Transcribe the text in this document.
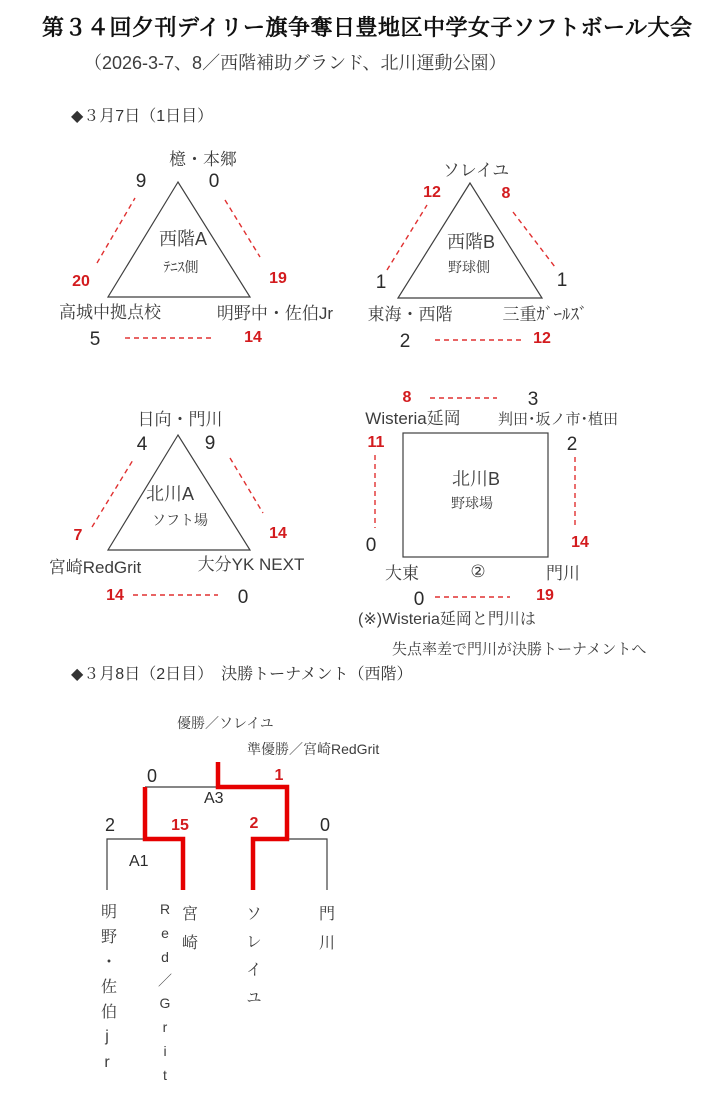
第３４回夕刊デイリー旗争奪日豊地区中学女子ソフトボール大会
（2026-3-7、8／西階補助グランド、北川運動公園）
◆３月7日（1日目）
檍・本郷
9	0
西階A
ﾃﾆｽ側
20	19
高城中拠点校	明野中・佐伯Jr
5	14
ソレイユ
12	8
西階B
野球側
1	1
東海・西階	三重ｶﾞｰﾙｽﾞ
2	12
日向・門川
4	9
北川A
ソフト場
7	14
宮崎RedGrit	大分YK NEXT
14	0
8	3
Wisteria延岡 判田･坂ノ市･植田
11	2
北川B
野球場
0	14
大東	②	門川
0	19
(※)Wisteria延岡と門川は
失点率差で門川が決勝トーナメントへ
◆３月8日（2日目）　決勝トーナメント（西階）
優勝／ソレイユ
準優勝／宮崎RedGrit
0	1
A3
2	15	2	0
A1
明野・佐伯jr	Red／Grit 宮崎	ソレイユ	門川
